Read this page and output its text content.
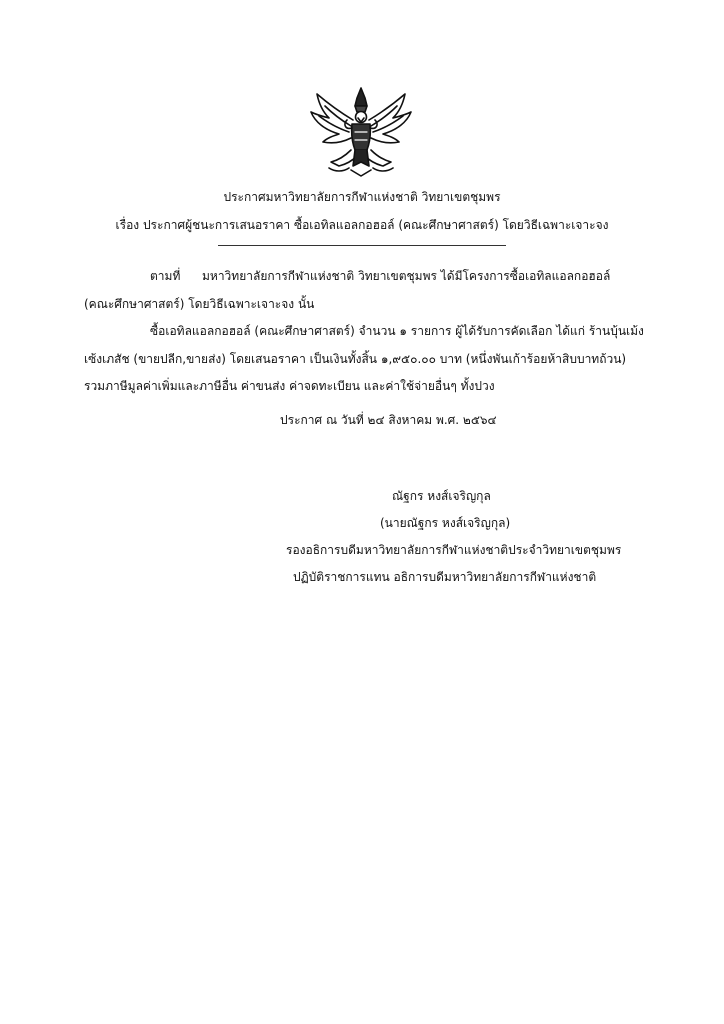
ประกาศมหาวิทยาลัยการกีฬาแห่งชาติ วิทยาเขตชุมพร
เรื่อง ประกาศผู้ชนะการเสนอราคา ซื้อเอทิลแอลกอฮอล์ (คณะศึกษาศาสตร์) โดยวิธีเฉพาะเจาะจง
ตามที่ มหาวิทยาลัยการกีฬาแห่งชาติ วิทยาเขตชุมพร ได้มีโครงการซื้อเอทิลแอลกอฮอล์
(คณะศึกษาศาสตร์) โดยวิธีเฉพาะเจาะจง นั้น
ซื้อเอทิลแอลกอฮอล์ (คณะศึกษาศาสตร์) จำนวน ๑ รายการ ผู้ได้รับการคัดเลือก ได้แก่ ร้านบุ้นเม้ง
เซ้งเภสัช (ขายปลีก,ขายส่ง) โดยเสนอราคา เป็นเงินทั้งสิ้น ๑,๙๕๐.๐๐ บาท (หนึ่งพันเก้าร้อยห้าสิบบาทถ้วน)
รวมภาษีมูลค่าเพิ่มและภาษีอื่น ค่าขนส่ง ค่าจดทะเบียน และค่าใช้จ่ายอื่นๆ ทั้งปวง
ประกาศ ณ วันที่ ๒๔ สิงหาคม พ.ศ. ๒๕๖๔
ณัฐกร หงส์เจริญกุล
(นายณัฐกร หงส์เจริญกุล)
รองอธิการบดีมหาวิทยาลัยการกีฬาแห่งชาติประจำวิทยาเขตชุมพร
ปฏิบัติราชการแทน อธิการบดีมหาวิทยาลัยการกีฬาแห่งชาติ
